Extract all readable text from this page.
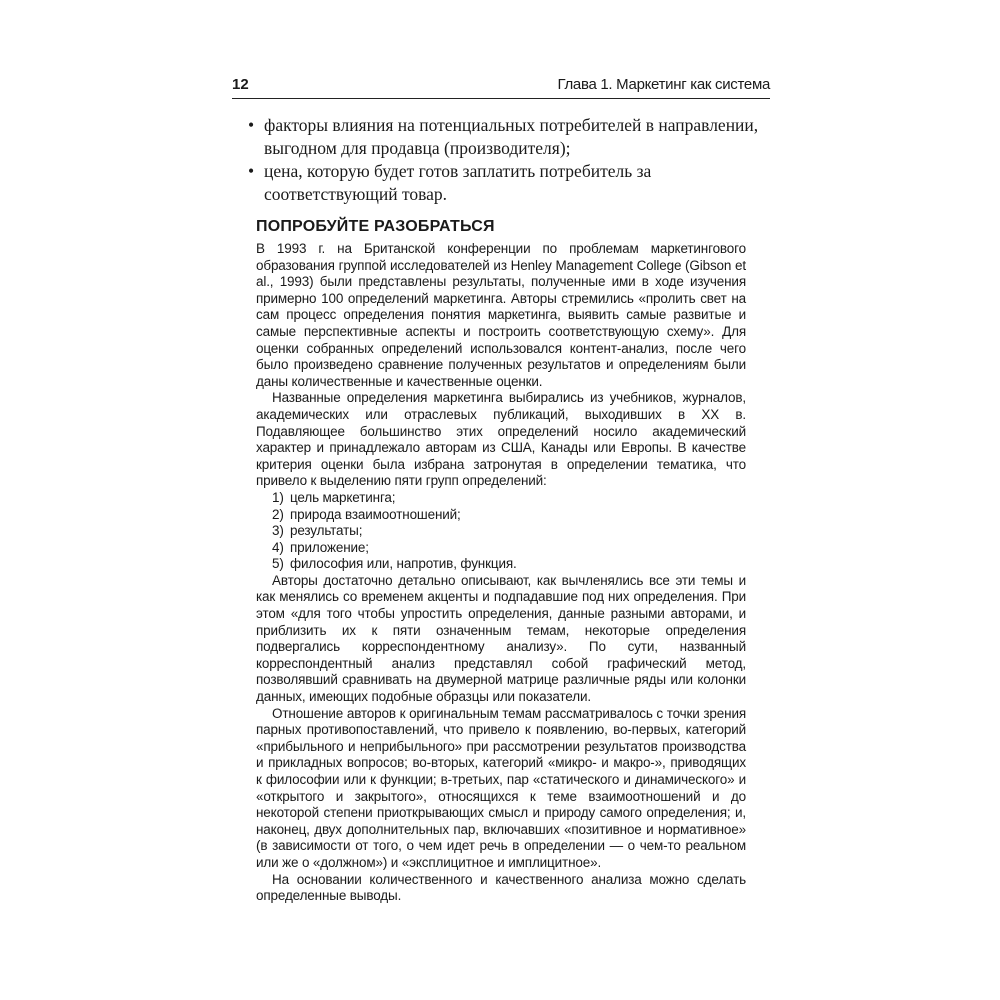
12	Глава 1. Маркетинг как система
• факторы влияния на потенциальных потребителей в направлении, выгодном для продавца (производителя);
• цена, которую будет готов заплатить потребитель за соответствующий товар.
ПОПРОБУЙТЕ РАЗОБРАТЬСЯ

В 1993 г. на Британской конференции по проблемам маркетингового образования группой исследователей из Henley Management College (Gibson et al., 1993) были представлены результаты, полученные ими в ходе изучения примерно 100 определений маркетинга. Авторы стремились «пролить свет на сам процесс определения понятия маркетинга, выявить самые развитые и самые перспективные аспекты и построить соответствующую схему». Для оценки собранных определений использовался контент-анализ, после чего было произведено сравнение полученных результатов и определениям были даны количественные и качественные оценки.

Названные определения маркетинга выбирались из учебников, журналов, академических или отраслевых публикаций, выходивших в XX в. Подавляющее большинство этих определений носило академический характер и принадлежало авторам из США, Канады или Европы. В качестве критерия оценки была избрана затронутая в определении тематика, что привело к выделению пяти групп определений:

1) цель маркетинга;
2) природа взаимоотношений;
3) результаты;
4) приложение;
5) философия или, напротив, функция.

Авторы достаточно детально описывают, как вычленялись все эти темы и как менялись со временем акценты и подпадавшие под них определения. При этом «для того чтобы упростить определения, данные разными авторами, и приблизить их к пяти означенным темам, некоторые определения подвергались корреспондентному анализу». По сути, названный корреспондентный анализ представлял собой графический метод, позволявший сравнивать на двумерной матрице различные ряды или колонки данных, имеющих подобные образцы или показатели.

Отношение авторов к оригинальным темам рассматривалось с точки зрения парных противопоставлений, что привело к появлению, во-первых, категорий «прибыльного и неприбыльного» при рассмотрении результатов производства и прикладных вопросов; во-вторых, категорий «микро- и макро-», приводящих к философии или к функции; в-третьих, пар «статического и динамического» и «открытого и закрытого», относящихся к теме взаимоотношений и до некоторой степени приоткрывающих смысл и природу самого определения; и, наконец, двух дополнительных пар, включавших «позитивное и нормативное» (в зависимости от того, о чем идет речь в определении — о чем-то реальном или же о «должном») и «эксплицитное и имплицитное».

На основании количественного и качественного анализа можно сделать определенные выводы.
